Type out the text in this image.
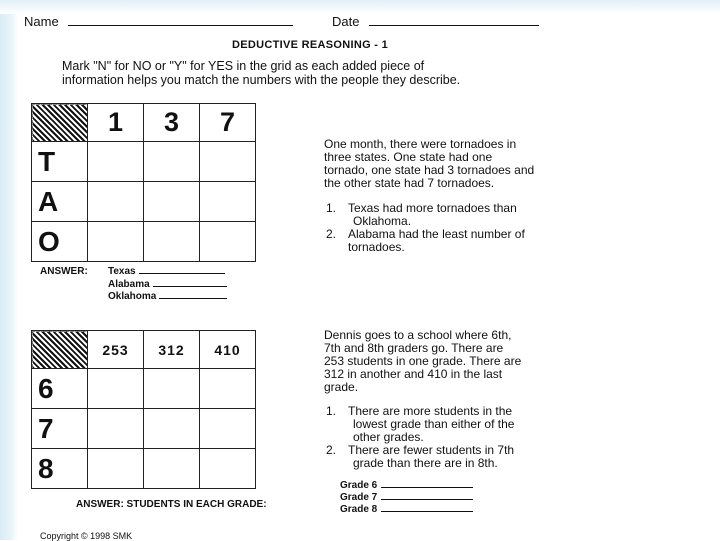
Name	Date
DEDUCTIVE REASONING - 1
Mark "N" for NO or "Y" for YES in the grid as each added piece of
information helps you match the numbers with the people they describe.
	1	3	7
T			
A			
O			
ANSWER: Texas
Alabama
Oklahoma
One month, there were tornadoes in
three states. One state had one
tornado, one state had 3 tornadoes and
the other state had 7 tornadoes.
1. Texas had more tornadoes than
Oklahoma.
2. Alabama had the least number of
tornadoes.
	253	312	410
6			
7			
8			
ANSWER: STUDENTS IN EACH GRADE:
Dennis goes to a school where 6th,
7th and 8th graders go. There are
253 students in one grade. There are
312 in another and 410 in the last
grade.
1. There are more students in the
lowest grade than either of the
other grades.
2. There are fewer students in 7th
grade than there are in 8th.
Grade 6
Grade 7
Grade 8
Copyright © 1998 SMK
